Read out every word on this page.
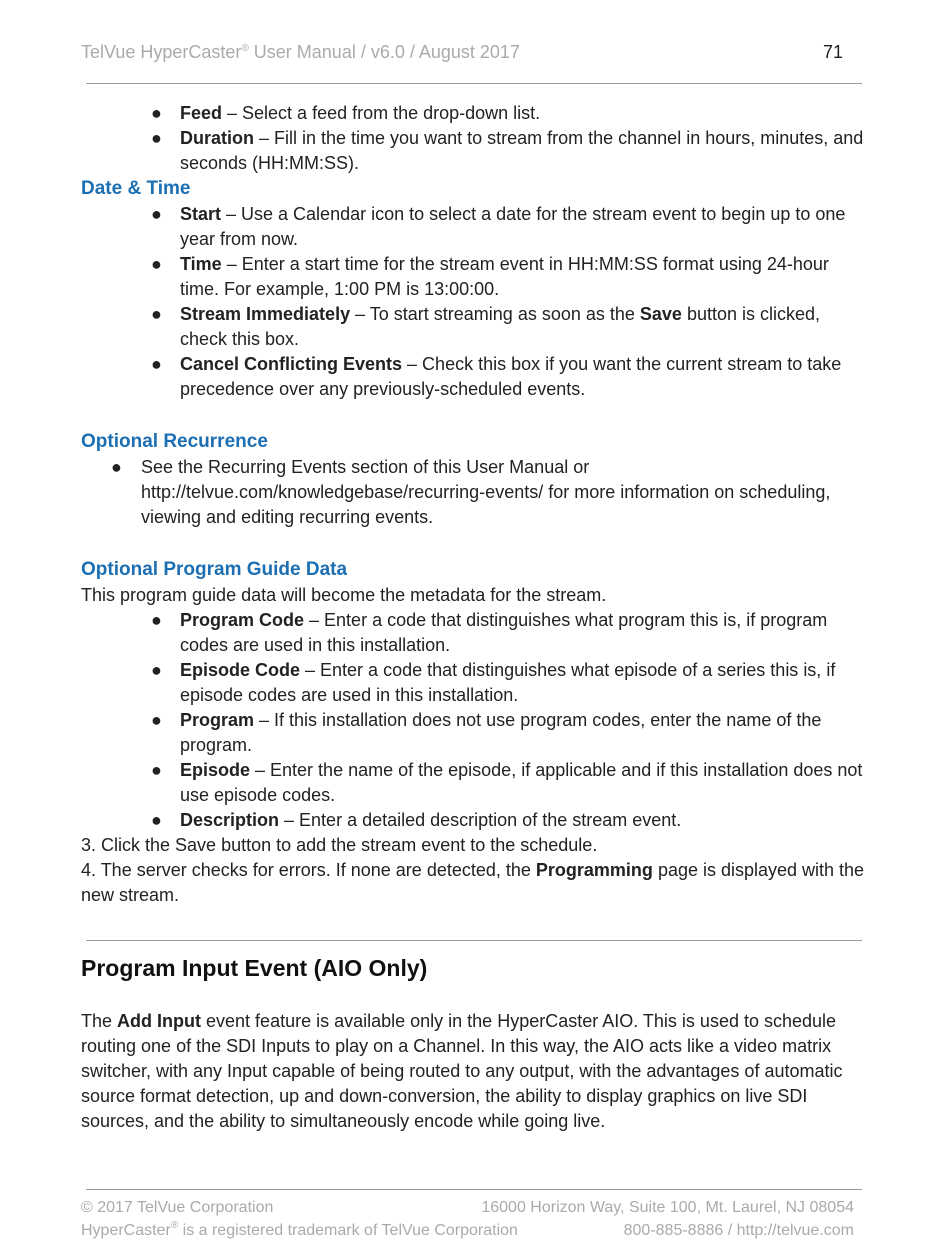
TelVue HyperCaster® User Manual / v6.0 / August 2017	71
● Feed – Select a feed from the drop-down list.
● Duration – Fill in the time you want to stream from the channel in hours, minutes, and seconds (HH:MM:SS).
Date & Time
● Start – Use a Calendar icon to select a date for the stream event to begin up to one year from now.
● Time – Enter a start time for the stream event in HH:MM:SS format using 24-hour time. For example, 1:00 PM is 13:00:00.
● Stream Immediately – To start streaming as soon as the Save button is clicked, check this box.
● Cancel Conflicting Events – Check this box if you want the current stream to take precedence over any previously-scheduled events.
Optional Recurrence
● See the Recurring Events section of this User Manual or http://telvue.com/knowledgebase/recurring-events/ for more information on scheduling, viewing and editing recurring events.
Optional Program Guide Data

This program guide data will become the metadata for the stream.

● Program Code – Enter a code that distinguishes what program this is, if program codes are used in this installation.
● Episode Code – Enter a code that distinguishes what episode of a series this is, if episode codes are used in this installation.
● Program – If this installation does not use program codes, enter the name of the program.
● Episode – Enter the name of the episode, if applicable and if this installation does not use episode codes.
● Description – Enter a detailed description of the stream event.

3. Click the Save button to add the stream event to the schedule.

4. The server checks for errors. If none are detected, the Programming page is displayed with the new stream.

Program Input Event (AIO Only)

The Add Input event feature is available only in the HyperCaster AIO. This is used to schedule routing one of the SDI Inputs to play on a Channel. In this way, the AIO acts like a video matrix switcher, with any Input capable of being routed to any output, with the advantages of automatic source format detection, up and down-conversion, the ability to display graphics on live SDI sources, and the ability to simultaneously encode while going live.

© 2017 TelVue Corporation	16000 Horizon Way, Suite 100, Mt. Laurel, NJ 08054
HyperCaster® is a registered trademark of TelVue Corporation	800-885-8886 / http://telvue.com
